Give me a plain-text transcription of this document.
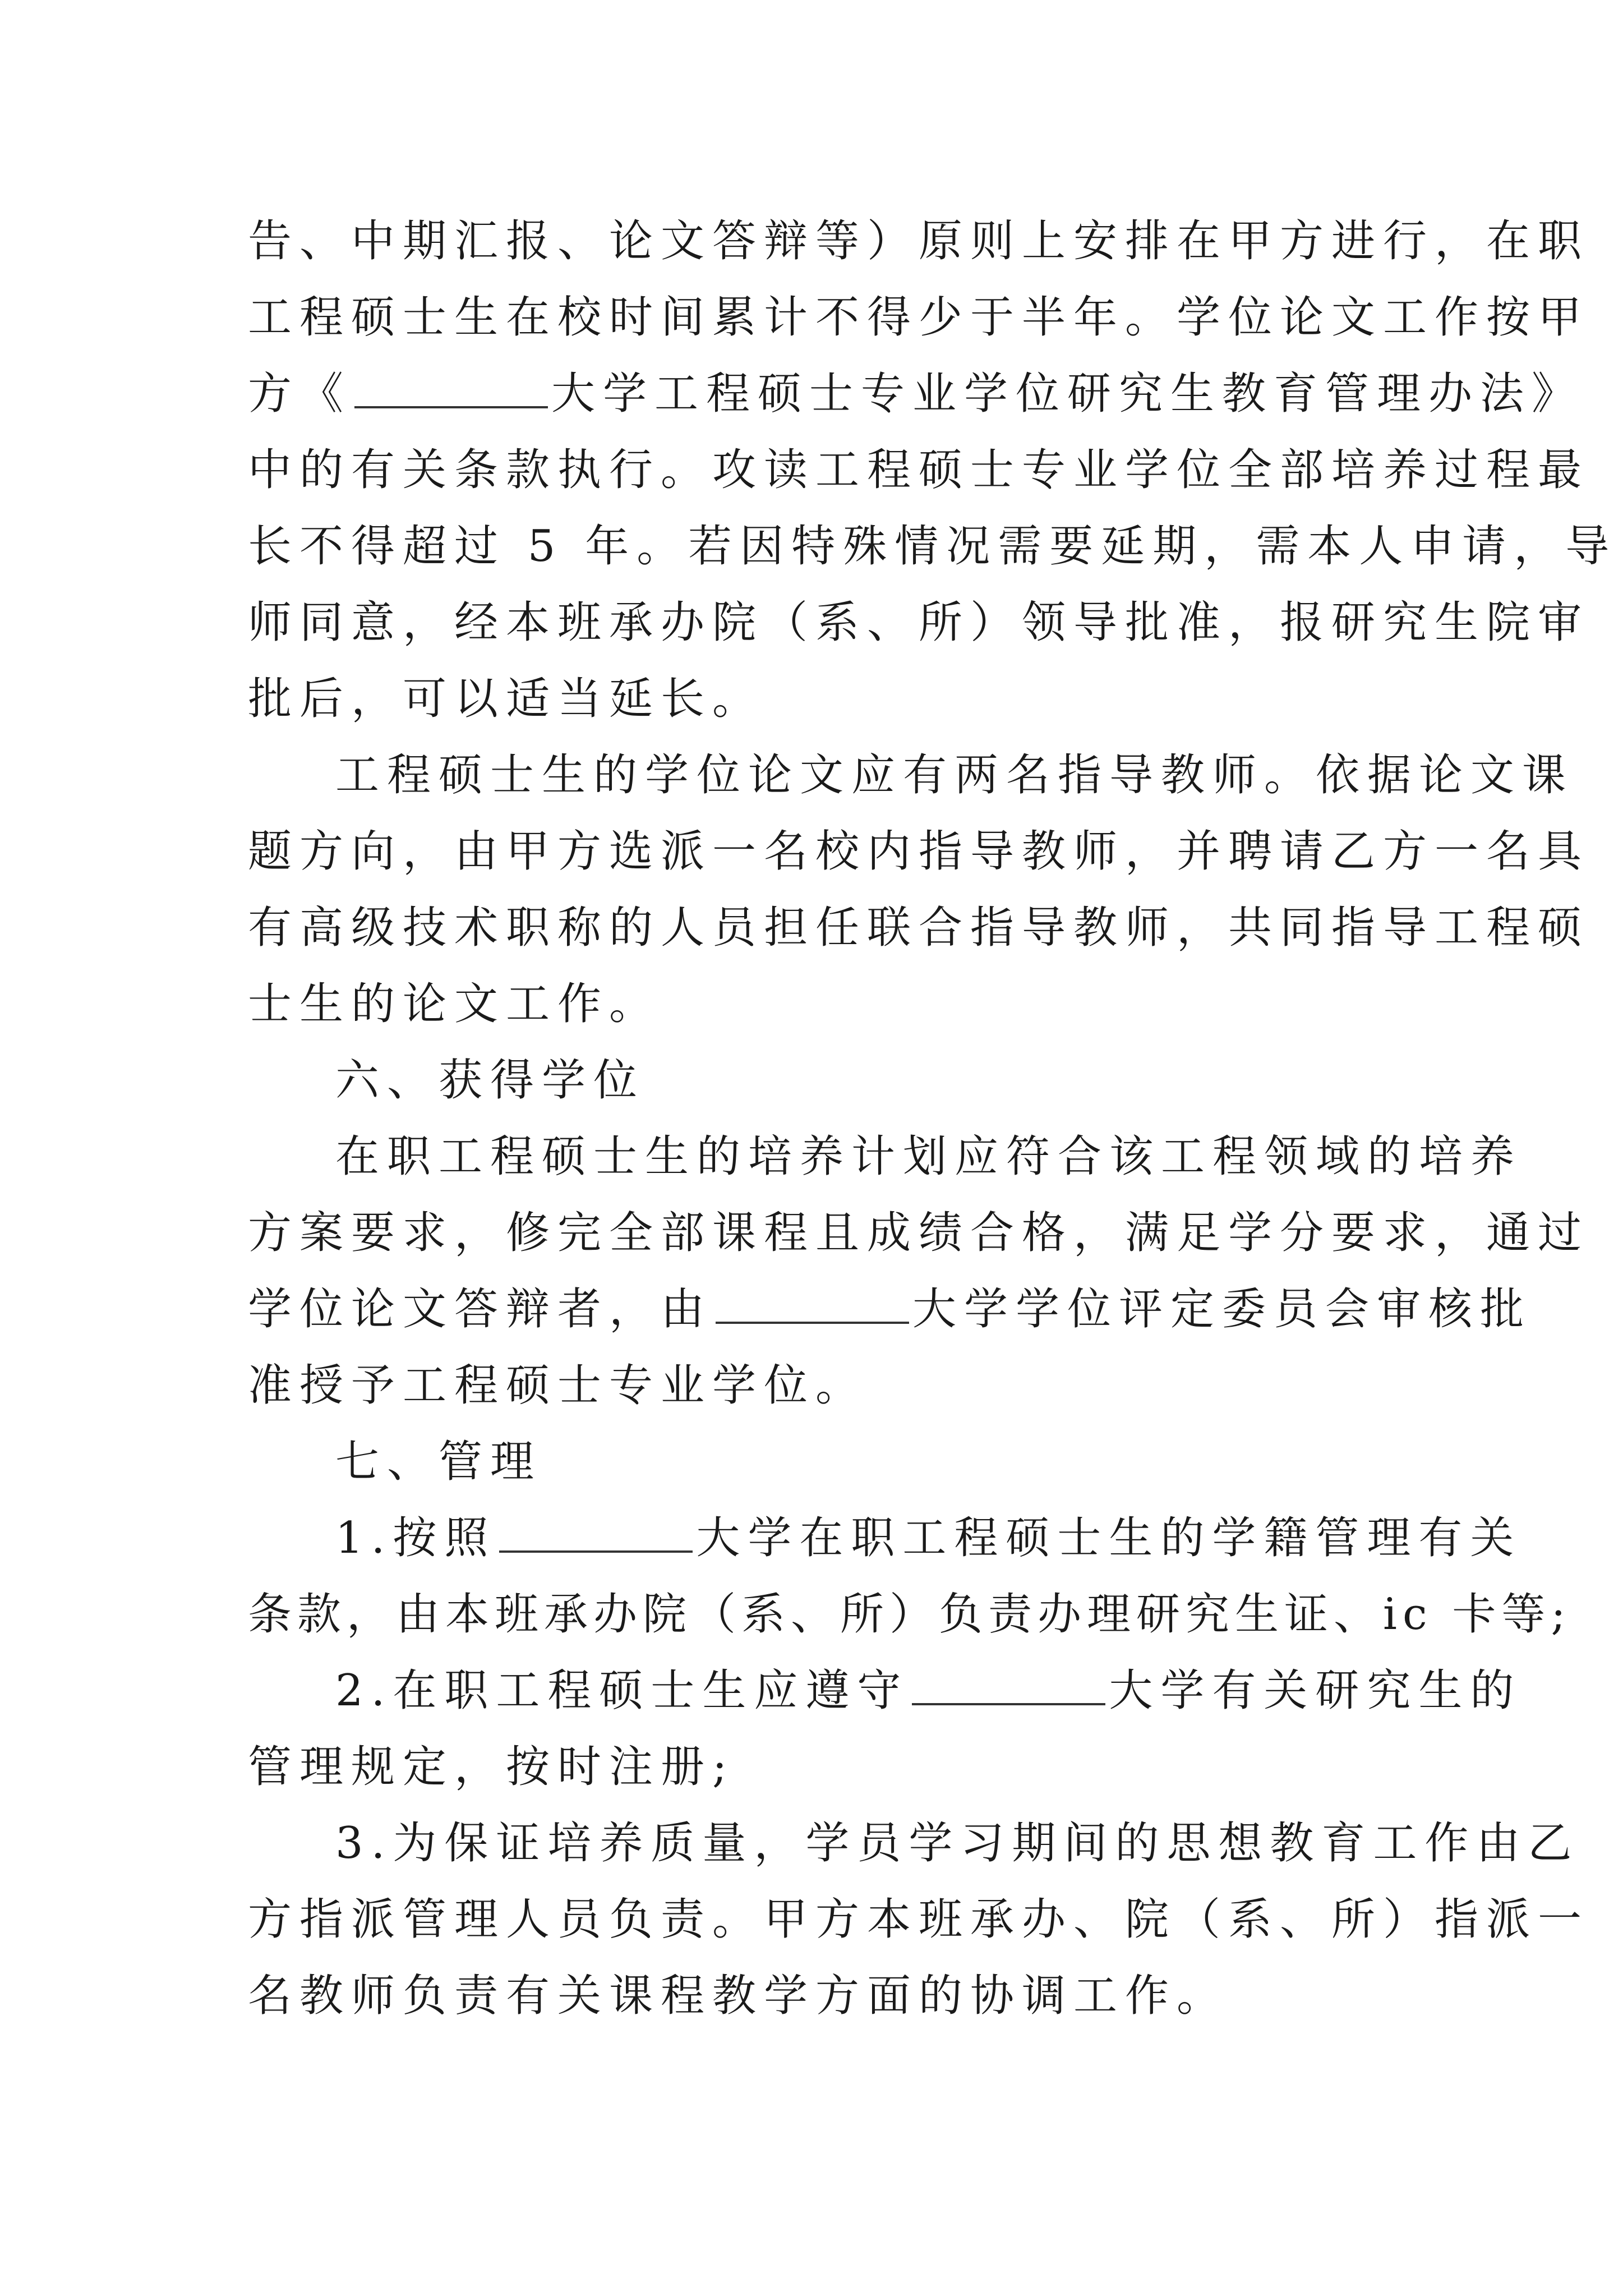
告、中期汇报、论文答辩等）原则上安排在甲方进行，在职
工程硕士生在校时间累计不得少于半年。学位论文工作按甲
方《	大学工程硕士专业学位研究生教育管理办法》
中的有关条款执行。攻读工程硕士专业学位全部培养过程最
长不得超过 5 年。若因特殊情况需要延期，需本人申请，导
师同意，经本班承办院（系、所）领导批准，报研究生院审
批后，可以适当延长。
工程硕士生的学位论文应有两名指导教师。依据论文课
题方向，由甲方选派一名校内指导教师，并聘请乙方一名具
有高级技术职称的人员担任联合指导教师，共同指导工程硕
士生的论文工作。
六、获得学位
在职工程硕士生的培养计划应符合该工程领域的培养
方案要求，修完全部课程且成绩合格，满足学分要求，通过
学位论文答辩者，由	大学学位评定委员会审核批
准授予工程硕士专业学位。
七、管理
1.按照	大学在职工程硕士生的学籍管理有关
条款，由本班承办院（系、所）负责办理研究生证、ic 卡等;
2.在职工程硕士生应遵守	大学有关研究生的
管理规定，按时注册;
3.为保证培养质量，学员学习期间的思想教育工作由乙
方指派管理人员负责。甲方本班承办、院（系、所）指派一
名教师负责有关课程教学方面的协调工作。
